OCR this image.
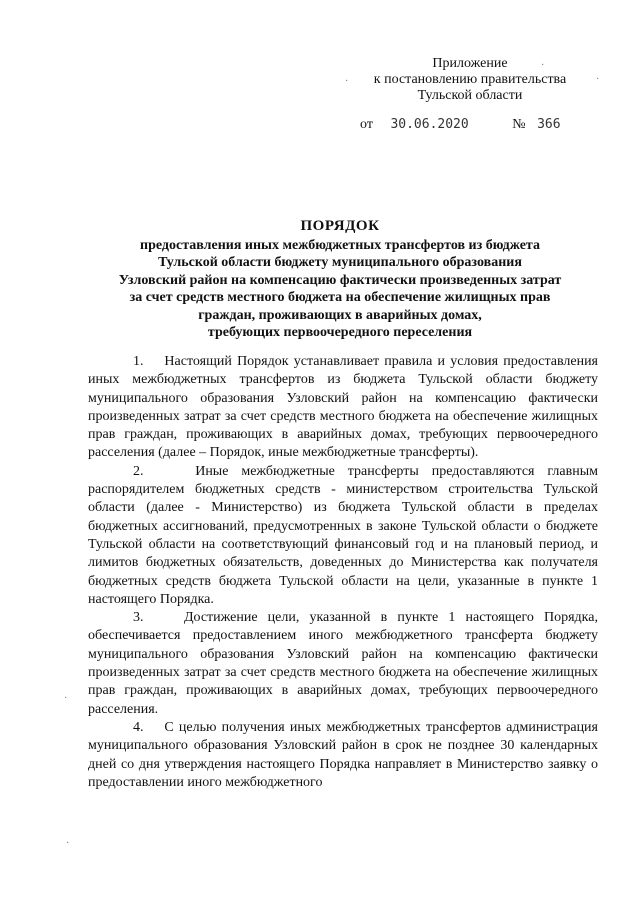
Приложение
к постановлению правительства
Тульской области
от 30.06.2020	№ 366
ПОРЯДОК
предоставления иных межбюджетных трансфертов из бюджета
Тульской области бюджету муниципального образования
Узловский район на компенсацию фактически произведенных затрат
за счет средств местного бюджета на обеспечение жилищных прав
граждан, проживающих в аварийных домах,
требующих первоочередного переселения

1.    Настоящий Порядок устанавливает правила и условия предоставления иных межбюджетных трансфертов из бюджета Тульской области бюджету муниципального образования Узловский район на компенсацию фактически произведенных затрат за счет средств местного бюджета на обеспечение жилищных прав граждан, проживающих в аварийных домах, требующих первоочередного расселения (далее – Порядок, иные межбюджетные трансферты).

2.    Иные межбюджетные трансферты предоставляются главным распорядителем бюджетных средств - министерством строительства Тульской области (далее - Министерство) из бюджета Тульской области в пределах бюджетных ассигнований, предусмотренных в законе Тульской области о бюджете Тульской области на соответствующий финансовый год и на плановый период, и лимитов бюджетных обязательств, доведенных до Министерства как получателя бюджетных средств бюджета Тульской области на цели, указанные в пункте 1 настоящего Порядка.

3.    Достижение цели, указанной в пункте 1 настоящего Порядка, обеспечивается предоставлением иного межбюджетного трансферта бюджету муниципального образования Узловский район на компенсацию фактически произведенных затрат за счет средств местного бюджета на обеспечение жилищных прав граждан, проживающих в аварийных домах, требующих первоочередного расселения.

4.    С целью получения иных межбюджетных трансфертов администрация муниципального образования Узловский район в срок не позднее 30 календарных дней со дня утверждения настоящего Порядка направляет в Министерство заявку о предоставлении иного межбюджетного

·
·	·
·
·
